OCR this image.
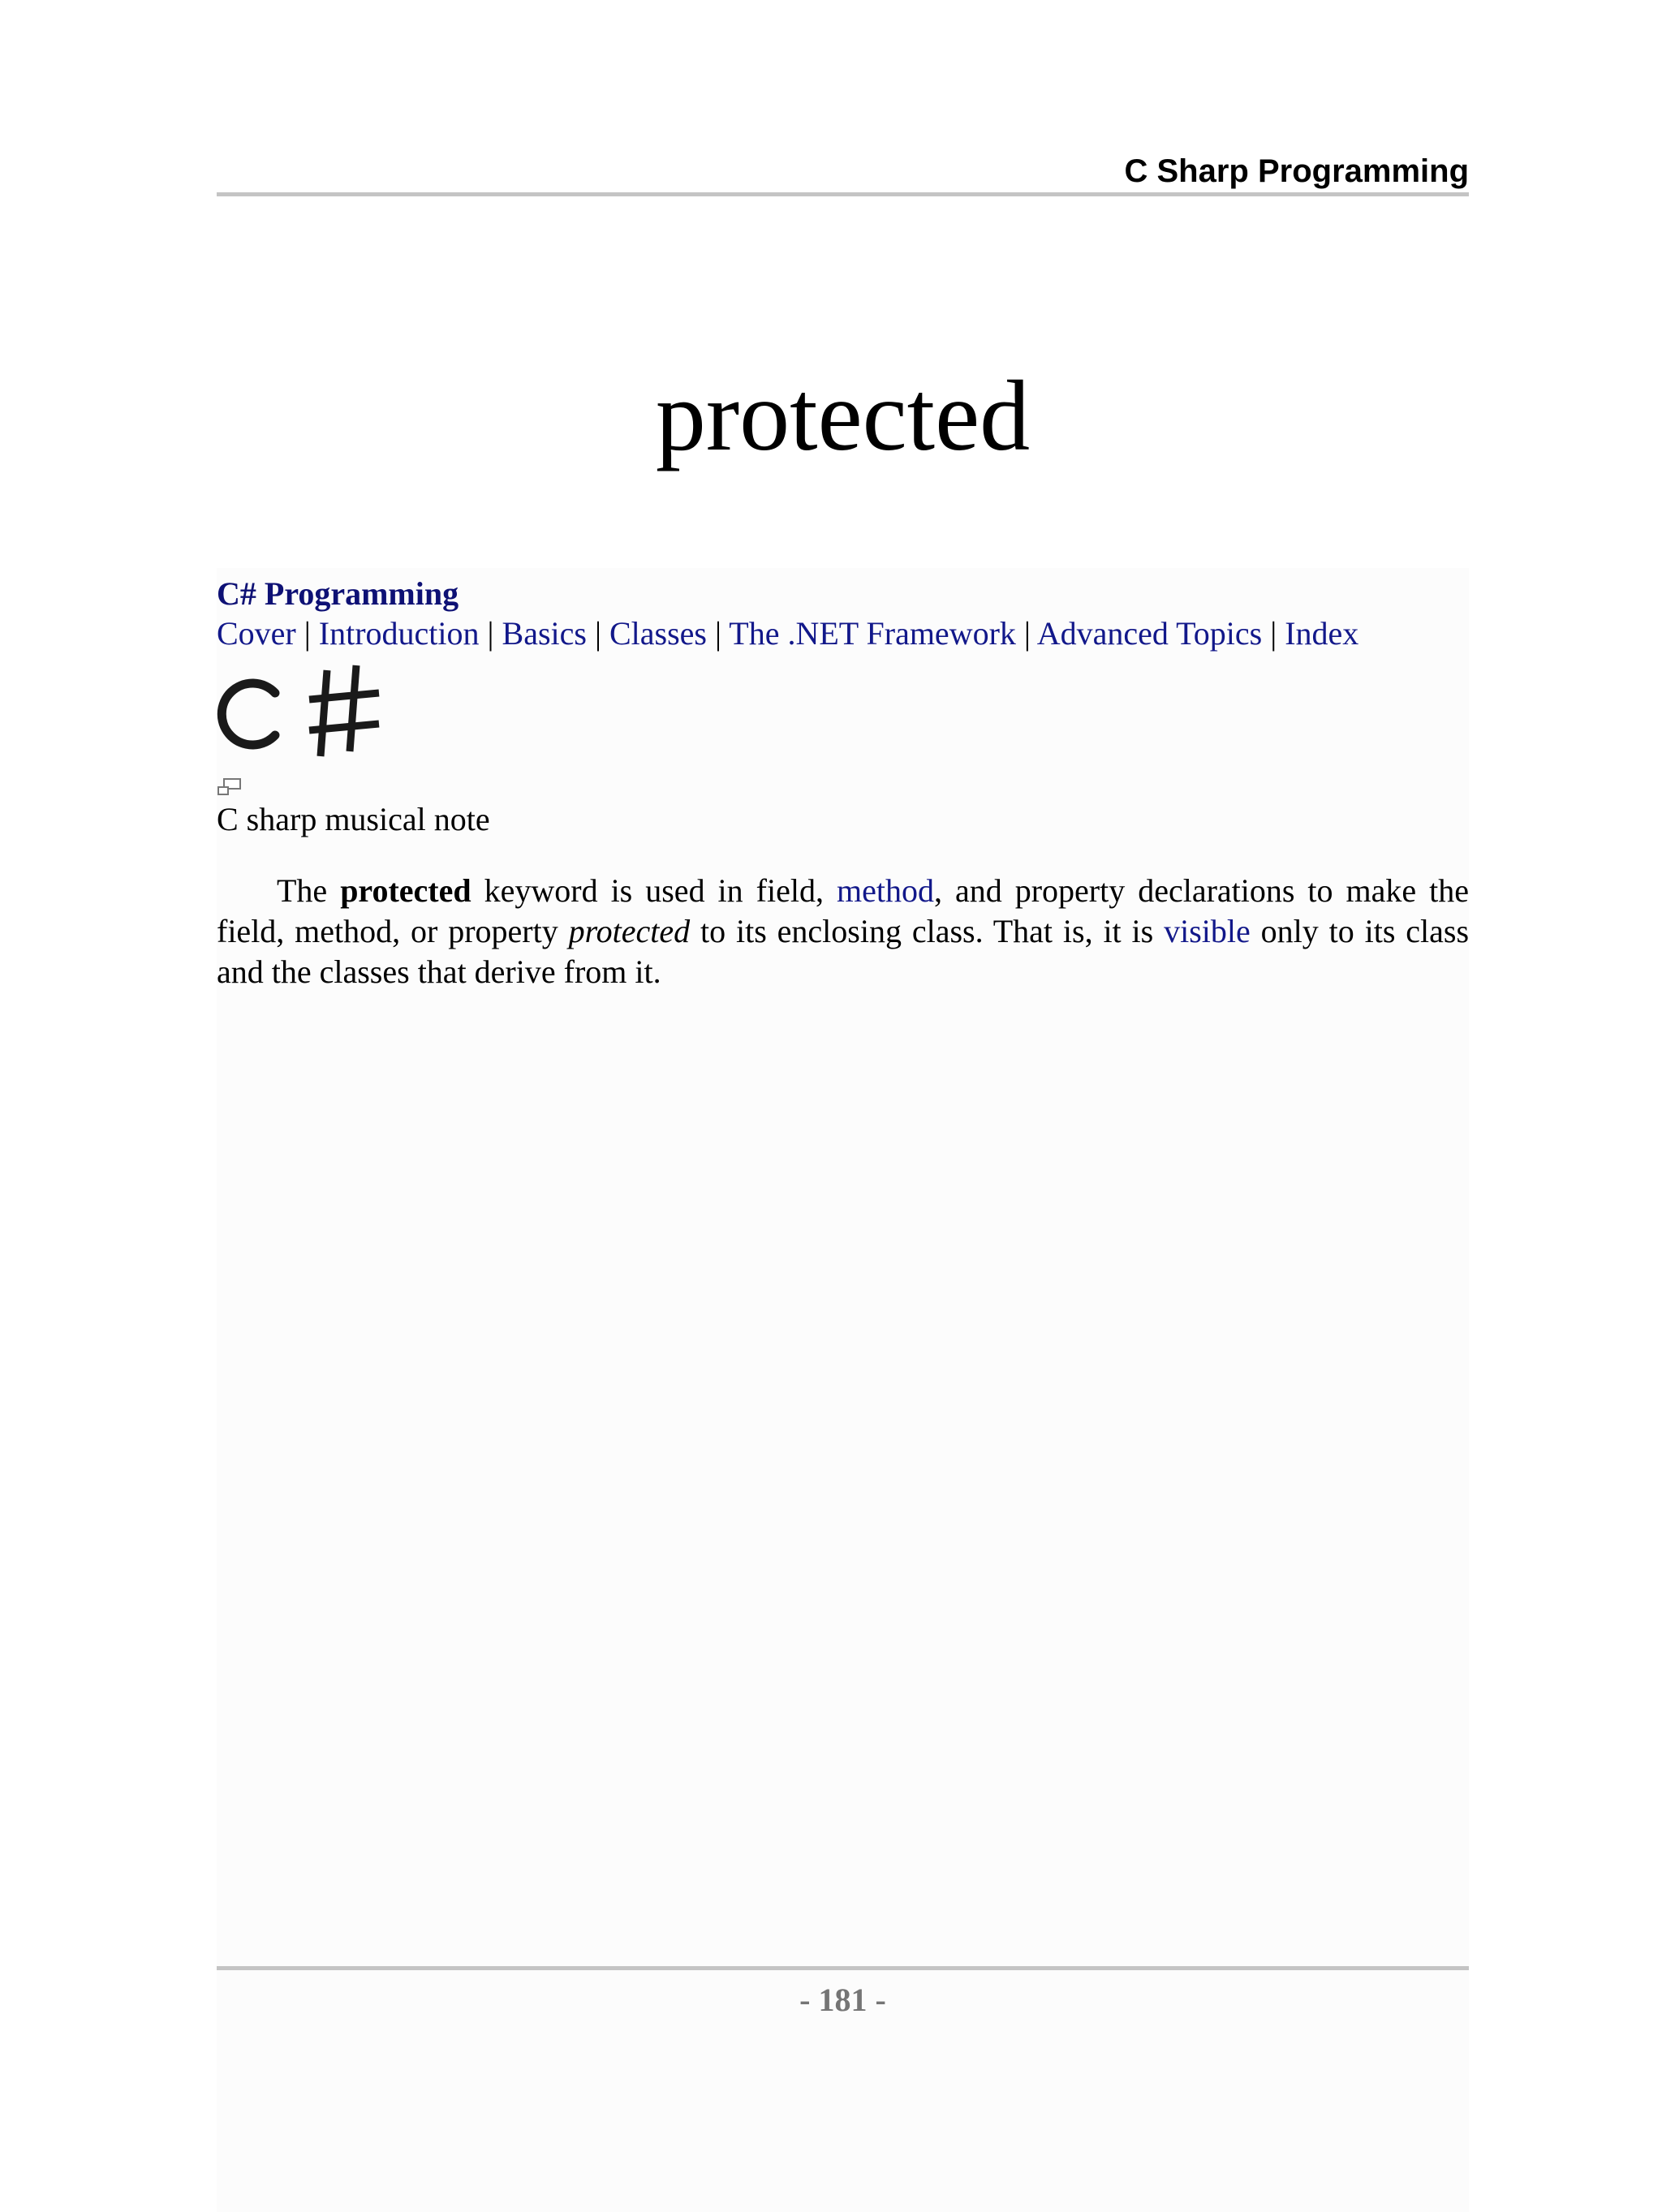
C Sharp Programming
protected
C# Programming
Cover | Introduction | Basics | Classes | The .NET Framework | Advanced Topics | Index
C sharp musical note

The protected keyword is used in field, method, and property declarations to make the field, method, or property protected to its enclosing class. That is, it is visible only to its class and the classes that derive from it.

- 181 -
